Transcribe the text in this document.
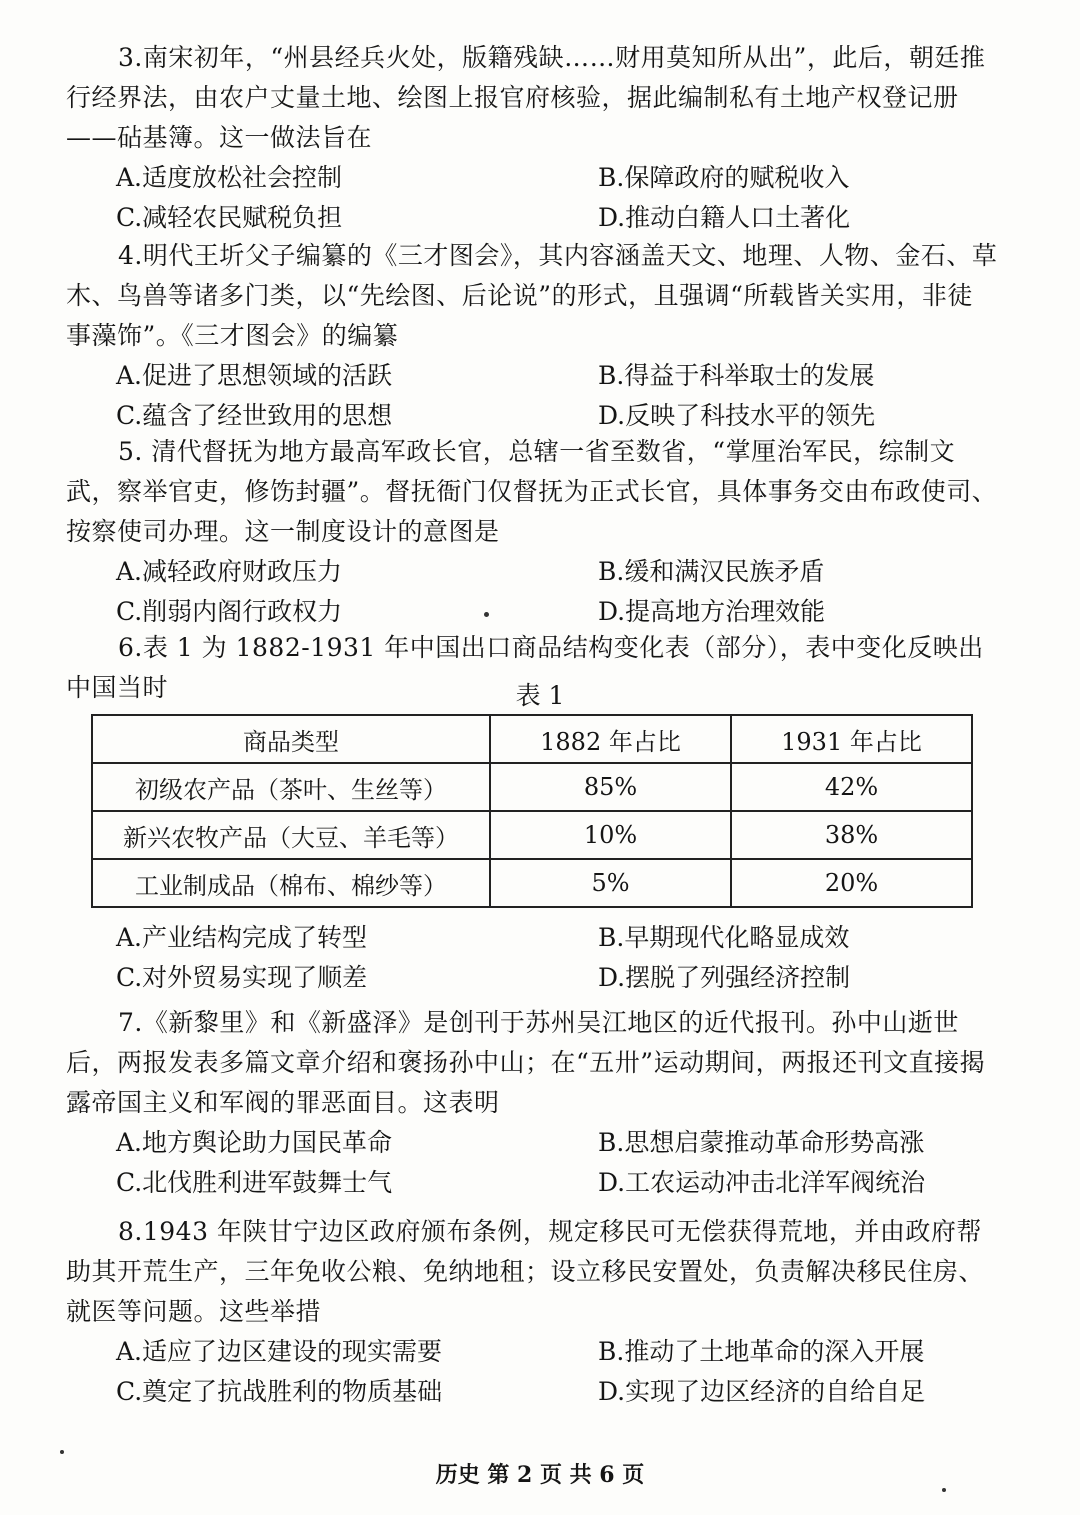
3.南宋初年，“州县经兵火处，版籍残缺……财用莫知所从出”，此后，朝廷推行经界法，由农户丈量土地、绘图上报官府核验，据此编制私有土地产权登记册——砧基簿。这一做法旨在

A.适度放松社会控制	B.保障政府的赋税收入
C.减轻农民赋税负担	D.推动白籍人口土著化

4.明代王圻父子编纂的《三才图会》，其内容涵盖天文、地理、人物、金石、草木、鸟兽等诸多门类，以“先绘图、后论说”的形式，且强调“所载皆关实用，非徒事藻饰”。《三才图会》的编纂

A.促进了思想领域的活跃	B.得益于科举取士的发展
C.蕴含了经世致用的思想	D.反映了科技水平的领先

5. 清代督抚为地方最高军政长官，总辖一省至数省，“掌厘治军民，综制文武，察举官吏，修饬封疆”。督抚衙门仅督抚为正式长官，具体事务交由布政使司、按察使司办理。这一制度设计的意图是

A.减轻政府财政压力	B.缓和满汉民族矛盾
C.削弱内阁行政权力	D.提高地方治理效能

6.表 1 为 1882-1931 年中国出口商品结构变化表（部分），表中变化反映出中国当时	表 1
商品类型	1882 年占比	1931 年占比
初级农产品（茶叶、生丝等）	85%	42%
新兴农牧产品（大豆、羊毛等）	10%	38%
工业制成品（棉布、棉纱等）	5%	20%
A.产业结构完成了转型	B.早期现代化略显成效
C.对外贸易实现了顺差	D.摆脱了列强经济控制

7.《新黎里》和《新盛泽》是创刊于苏州吴江地区的近代报刊。孙中山逝世后，两报发表多篇文章介绍和褒扬孙中山；在“五卅”运动期间，两报还刊文直接揭露帝国主义和军阀的罪恶面目。这表明

A.地方舆论助力国民革命	B.思想启蒙推动革命形势高涨
C.北伐胜利进军鼓舞士气	D.工农运动冲击北洋军阀统治

8.1943 年陕甘宁边区政府颁布条例，规定移民可无偿获得荒地，并由政府帮助其开荒生产，三年免收公粮、免纳地租；设立移民安置处，负责解决移民住房、就医等问题。这些举措

A.适应了边区建设的现实需要	B.推动了土地革命的深入开展
C.奠定了抗战胜利的物质基础	D.实现了边区经济的自给自足
历史 第 2 页 共 6 页
